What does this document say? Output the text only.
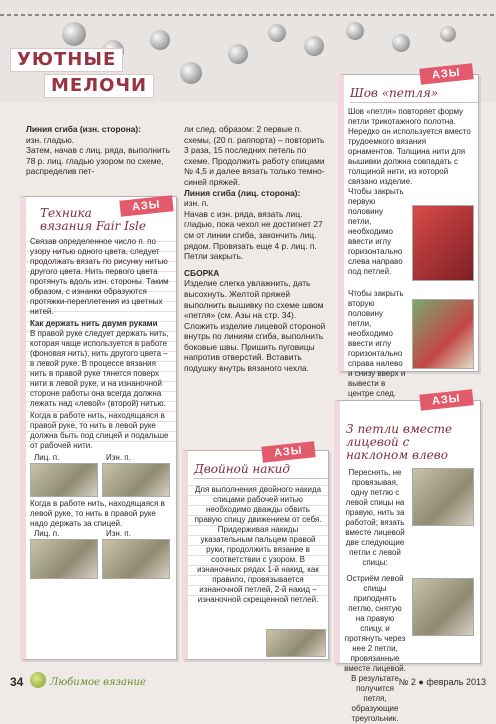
УЮТНЫЕ
МЕЛОЧИ

Линия сгиба (изн. сторона):

изн. гладью.

Затем, начав с лиц. ряда, выполнить 78 р. лиц. гладью узором по схеме, распределив пет-

ли след. образом: 2 первые п. схемы, (20 п. раппорта) – повторить 3 раза, 15 последних петель по схеме. Продолжить работу спицами № 4,5 и далее вязать только темно-синей пряжей.

Линия сгиба (лиц. сторона):

изн. п.

Начав с изн. ряда, вязать лиц. гладью, пока чехол не достигнет 27 см от линии сгиба, закончить лиц. рядом. Провязать еще 4 р. лиц. п. Петли закрыть.

СБОРКА

Изделие слегка увлажнить, дать высохнуть. Желтой пряжей выполнить вышивку по схеме швом «петля» (см. Азы на стр. 34). Сложить изделие лицевой стороной внутрь по линиям сгиба, выполнить боковые швы. Пришить пуговицы напротив отверстий. Вставить подушку внутрь вязаного чехла.

Техника
вязания Fair Isle

Связав определенное число п. по узору нитью одного цвета, следует продолжать вязать по рисунку нитью другого цвета. Нить первого цвета протянуть вдоль изн. стороны. Таким образом, с изнанки образуются протяжки-переплетения из цветных нитей.

Как держать нить двумя руками

В правой руке следует держать нить, которая чаще используется в работе (фоновая нить), нить другого цвета – в левой руке. В процессе вязания нить в правой руке тянется поверх нити в левой руке, и на изнаночной стороне работы она всегда должна лежать над «левой» (второй) нитью.

Когда в работе нить, находящаяся в правой руке, то нить в левой руке должна быть под спицей и подальше от рабочей нити.

Лиц. п.	Изн. п.

Когда в работе нить, находящаяся в левой руке, то нить в правой руке надо держать за спицей.

Лиц. п.	Изн. п.
АЗЫ
Шов «петля»

Шов «петля» повторяет форму петли трикотажного полотна. Нередко он используется вместо трудоемкого вязания орнаментов. Толщина нити для вышивки должна совпадать с толщиной нити, из которой связано изделие.

Чтобы закрыть первую половину петли, необходимо ввести иглу горизонтально слева направо под петлей.

Чтобы закрыть вторую половину петли, необходимо ввести иглу горизонтально справа налево и снизу вверх и вывести в центре след.

АЗЫ
Двойной накид

Для выполнения двойного накида спицами рабочей нитью необходимо дважды обвить правую спицу движением от себя. Придерживая накиды указательным пальцем правой руки, продолжить вязание в соответствии с узором. В изнаночных рядах 1-й накид, как правило, провязывается изнаночной петлей, 2-й накид – изнаночной скрещенной петлей.

АЗЫ
3 петли вместе
лицевой с
наклоном влево

Переснять, не провязывая, одну петлю с левой спицы на правую, нить за работой; вязать вместе лицевой две следующие петли с левой спицы:

Остриём левой спицы приподнять петлю, снятую на правую спицу, и протянуть через нее 2 петли, провязанные вместе лицевой. В результате получится петля, образующие треугольник.

АЗЫ
34	Любимое вязание	№ 2 ● февраль 2013
